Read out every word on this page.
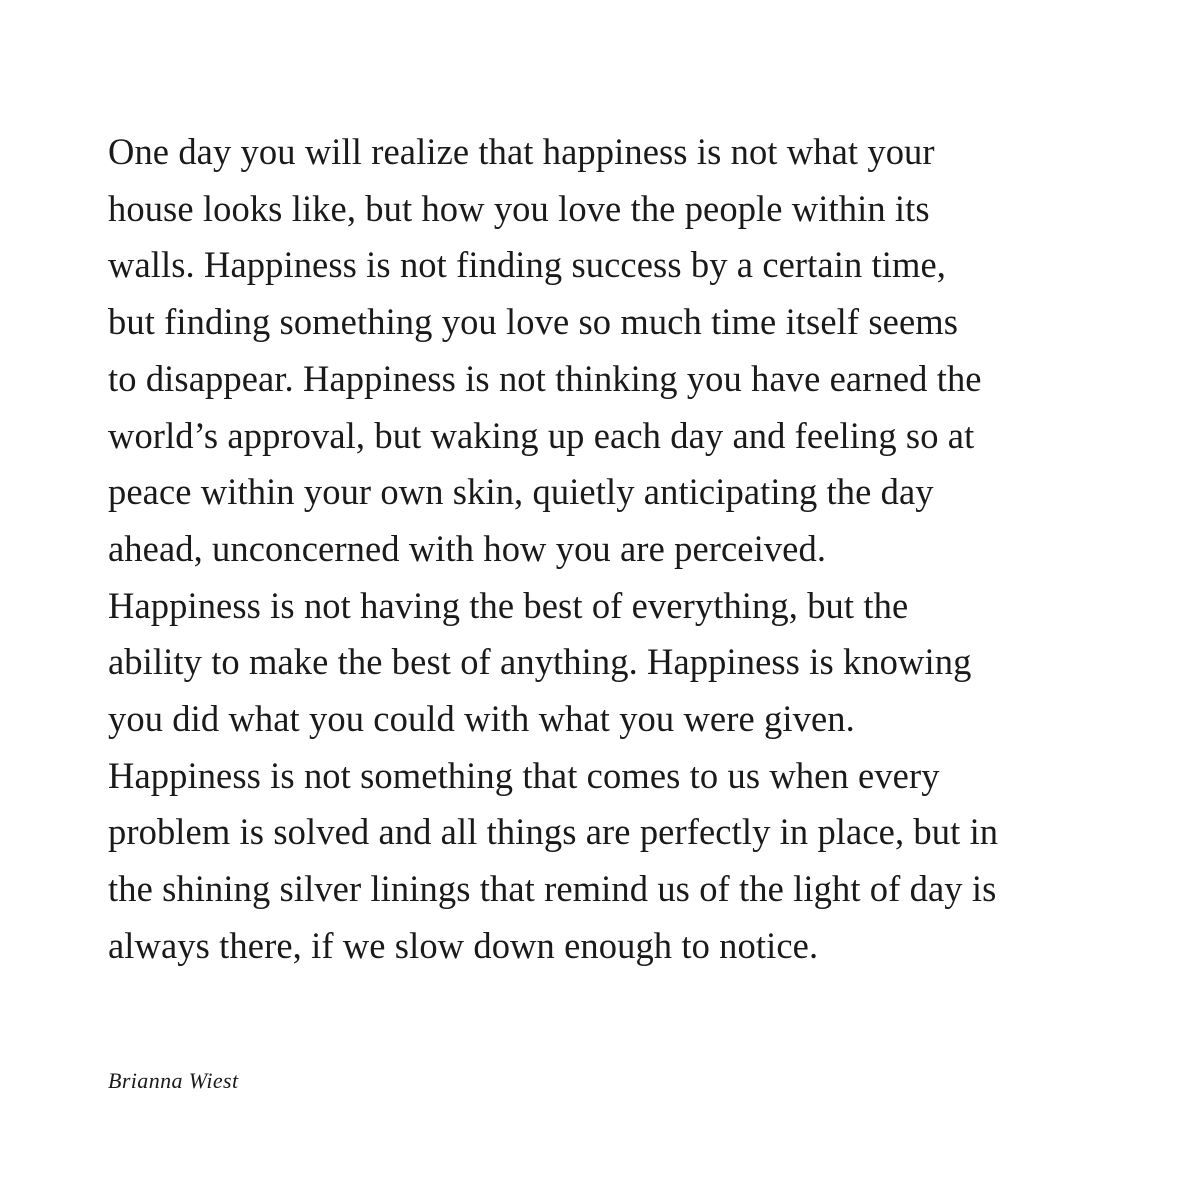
One day you will realize that happiness is not what your
house looks like, but how you love the people within its
walls. Happiness is not finding success by a certain time,
but finding something you love so much time itself seems
to disappear. Happiness is not thinking you have earned the
world’s approval, but waking up each day and feeling so at
peace within your own skin, quietly anticipating the day
ahead, unconcerned with how you are perceived.
Happiness is not having the best of everything, but the
ability to make the best of anything. Happiness is knowing
you did what you could with what you were given.
Happiness is not something that comes to us when every
problem is solved and all things are perfectly in place, but in
the shining silver linings that remind us of the light of day is
always there, if we slow down enough to notice.

Brianna Wiest
